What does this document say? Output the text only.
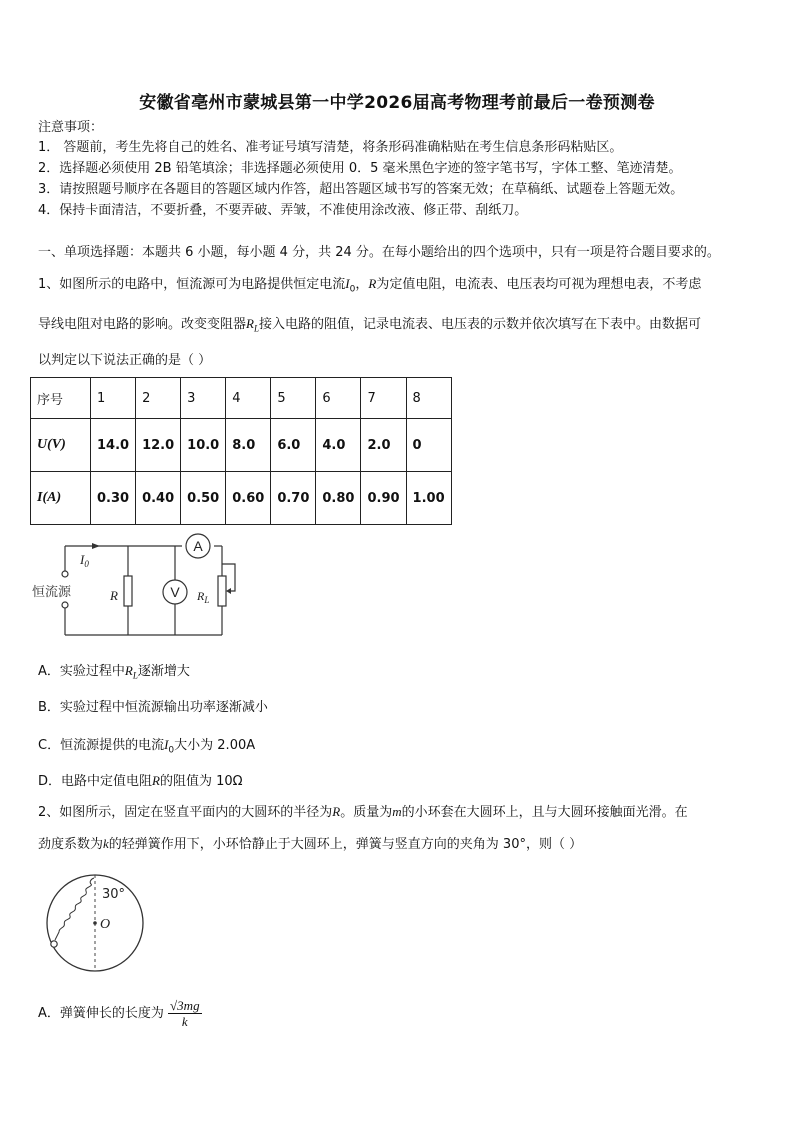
安徽省亳州市蒙城县第一中学2026届高考物理考前最后一卷预测卷
注意事项：
1． 答题前，考生先将自己的姓名、准考证号填写清楚，将条形码准确粘贴在考生信息条形码粘贴区。
2．选择题必须使用 2B 铅笔填涂；非选择题必须使用 0．5 毫米黑色字迹的签字笔书写，字体工整、笔迹清楚。
3．请按照题号顺序在各题目的答题区域内作答，超出答题区域书写的答案无效；在草稿纸、试题卷上答题无效。
4．保持卡面清洁，不要折叠，不要弄破、弄皱，不准使用涂改液、修正带、刮纸刀。
一、单项选择题：本题共 6 小题，每小题 4 分，共 24 分。在每小题给出的四个选项中，只有一项是符合题目要求的。
1、如图所示的电路中，恒流源可为电路提供恒定电流$I_0$，R为定值电阻，电流表、电压表均可视为理想电表，不考虑
导线电阻对电路的影响。改变变阻器$R_L$接入电路的阻值，记录电流表、电压表的示数并依次填写在下表中。由数据可
以判定以下说法正确的是（ ）
序号	1	2	3	4	5	6	7	8
U(V)	14.0	12.0	10.0	8.0	6.0	4.0	2.0	0
I(A)	0.30	0.40	0.50	0.60	0.70	0.80	0.90	1.00
$I_0$
恒流源	R	$R_L$
A
V
A．实验过程中$R_L$逐渐增大
B．实验过程中恒流源输出功率逐渐减小
C．恒流源提供的电流$I_0$大小为 2.00A
D．电路中定值电阻R的阻值为 10Ω
2、如图所示，固定在竖直平面内的大圆环的半径为R。质量为m的小环套在大圆环上，且与大圆环接触面光滑。在
劲度系数为k的轻弹簧作用下，小环恰静止于大圆环上，弹簧与竖直方向的夹角为 30°，则（ ）
30°
O
A．弹簧伸长的长度为 $\frac{√3mg}{k}$
